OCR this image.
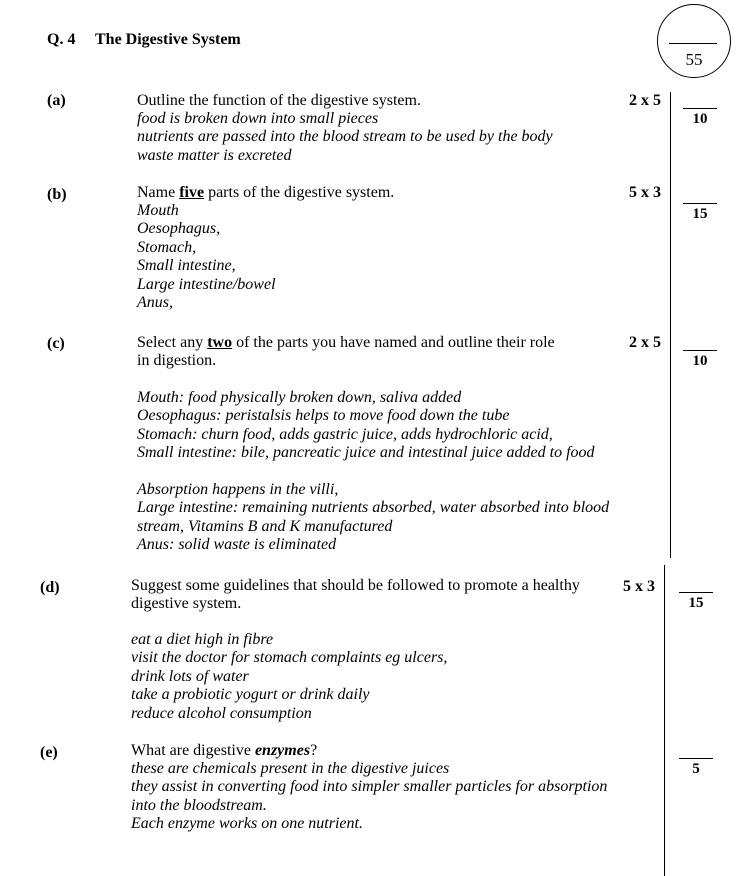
Q. 4 The Digestive System
55
(a)	Outline the function of the digestive system.	2 x 5
10
food is broken down into small pieces
nutrients are passed into the blood stream to be used by the body
waste matter is excreted
(b)	Name five parts of the digestive system.	5 x 3
15
Mouth
Oesophagus,
Stomach,
Small intestine,
Large intestine/bowel
Anus,
(c)	Select any two of the parts you have named and outline their role
in digestion.
2 x 5
10
Mouth: food physically broken down, saliva added
Oesophagus: peristalsis helps to move food down the tube
Stomach: churn food, adds gastric juice, adds hydrochloric acid,
Small intestine: bile, pancreatic juice and intestinal juice added to food
Absorption happens in the villi,
Large intestine: remaining nutrients absorbed, water absorbed into blood
stream, Vitamins B and K manufactured
Anus: solid waste is eliminated
(d)	Suggest some guidelines that should be followed to promote a healthy
digestive system.
5 x 3
15
eat a diet high in fibre
visit the doctor for stomach complaints eg ulcers,
drink lots of water
take a probiotic yogurt or drink daily
reduce alcohol consumption
(e)	What are digestive enzymes?
5
these are chemicals present in the digestive juices
they assist in converting food into simpler smaller particles for absorption
into the bloodstream.
Each enzyme works on one nutrient.
